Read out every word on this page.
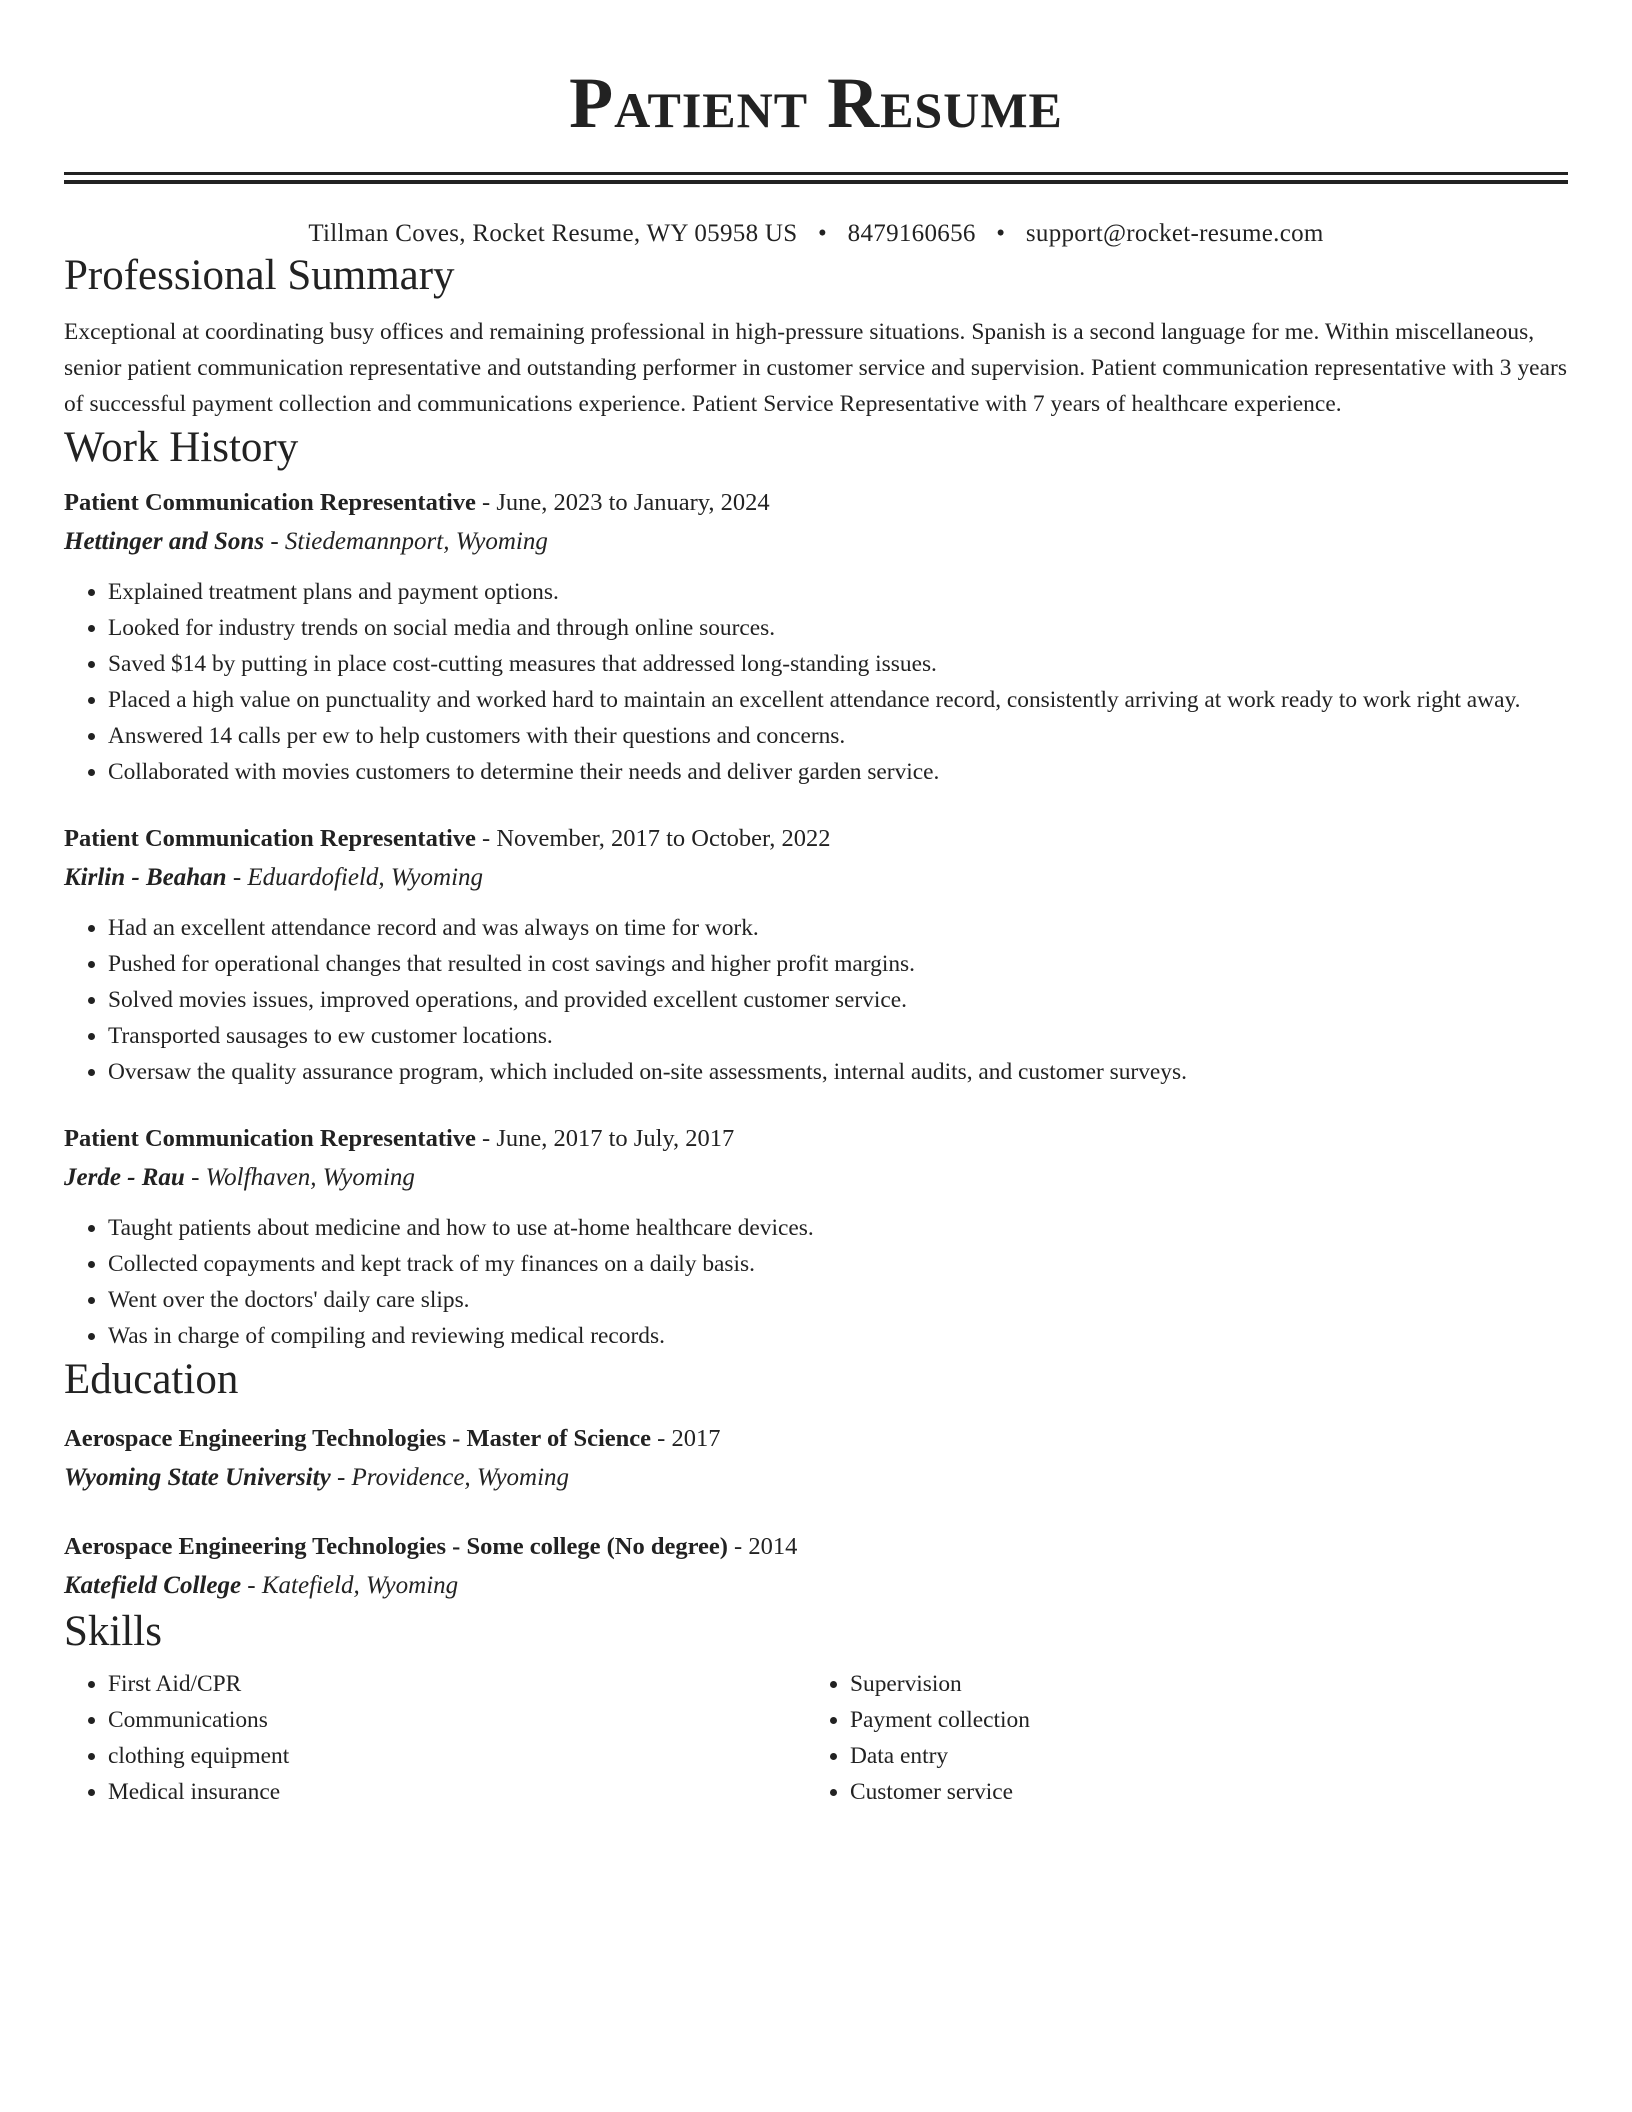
Patient Resume
Tillman Coves, Rocket Resume, WY 05958 US • 8479160656 • support@rocket-resume.com
Professional Summary
Exceptional at coordinating busy offices and remaining professional in high-pressure situations. Spanish is a second language for me. Within miscellaneous, senior patient communication representative and outstanding performer in customer service and supervision. Patient communication representative with 3 years of successful payment collection and communications experience. Patient Service Representative with 7 years of healthcare experience.
Work History
Patient Communication Representative - June, 2023 to January, 2024
Hettinger and Sons - Stiedemannport, Wyoming
• Explained treatment plans and payment options.
• Looked for industry trends on social media and through online sources.
• Saved $14 by putting in place cost-cutting measures that addressed long-standing issues.
• Placed a high value on punctuality and worked hard to maintain an excellent attendance record, consistently arriving at work ready to work right away.
• Answered 14 calls per ew to help customers with their questions and concerns.
• Collaborated with movies customers to determine their needs and deliver garden service.
Patient Communication Representative - November, 2017 to October, 2022
Kirlin - Beahan - Eduardofield, Wyoming
• Had an excellent attendance record and was always on time for work.
• Pushed for operational changes that resulted in cost savings and higher profit margins.
• Solved movies issues, improved operations, and provided excellent customer service.
• Transported sausages to ew customer locations.
• Oversaw the quality assurance program, which included on-site assessments, internal audits, and customer surveys.
Patient Communication Representative - June, 2017 to July, 2017
Jerde - Rau - Wolfhaven, Wyoming
• Taught patients about medicine and how to use at-home healthcare devices.
• Collected copayments and kept track of my finances on a daily basis.
• Went over the doctors' daily care slips.
• Was in charge of compiling and reviewing medical records.
Education
Aerospace Engineering Technologies - Master of Science - 2017
Wyoming State University - Providence, Wyoming
Aerospace Engineering Technologies - Some college (No degree) - 2014
Katefield College - Katefield, Wyoming
Skills
• First Aid/CPR
• Communications
• clothing equipment
• Medical insurance
• Supervision
• Payment collection
• Data entry
• Customer service
